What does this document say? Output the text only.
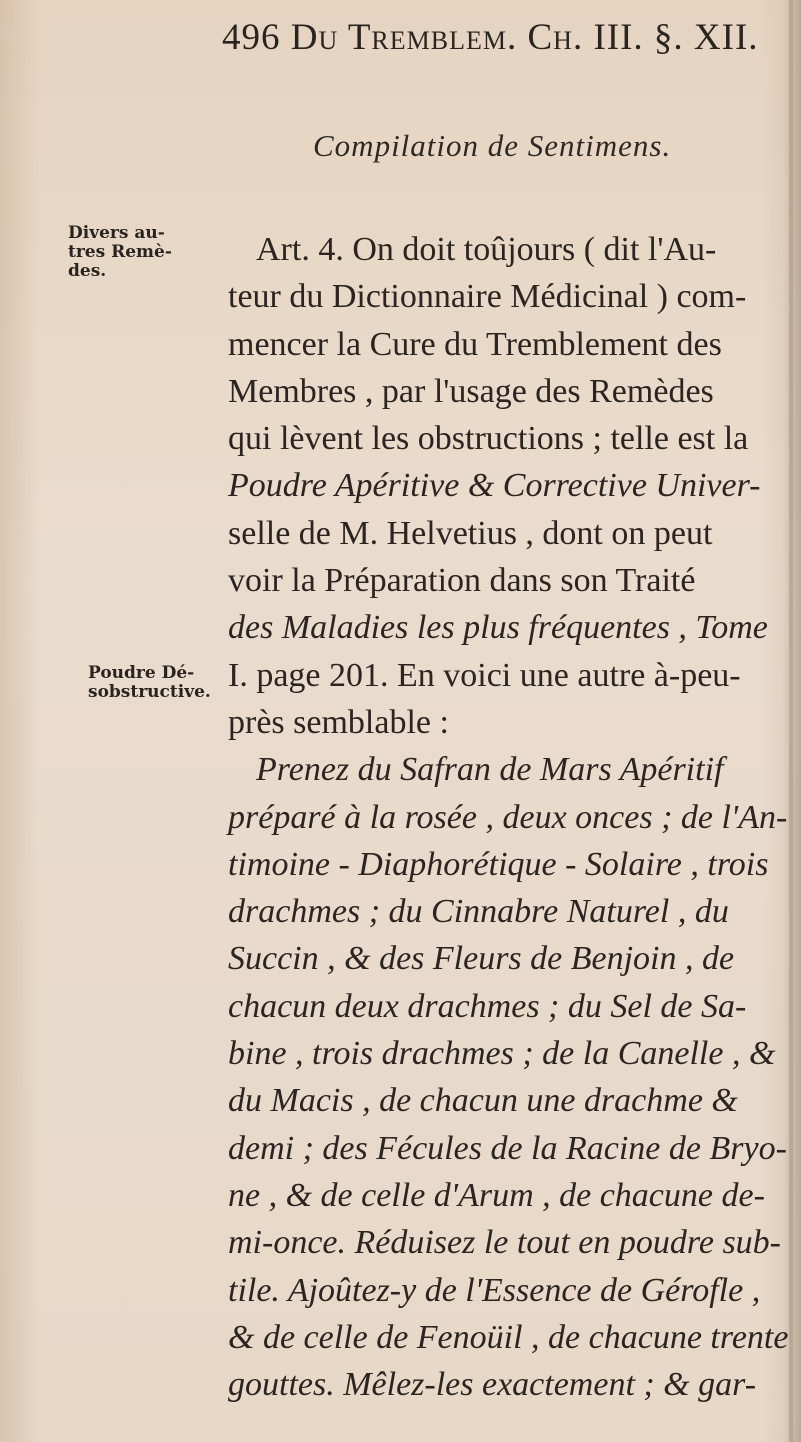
496 Du Tremblem. Ch. III. §. XII.
Compilation de Sentimens.
Divers au-
tres Remè-
des.
Poudre Dé-
sobstructive.
Art. 4. On doit toûjours ( dit l'Au-
teur du Dictionnaire Médicinal ) com-
mencer la Cure du Tremblement des
Membres , par l'usage des Remèdes
qui lèvent les obstructions ; telle est la
Poudre Apéritive & Corrective Univer-
selle de M. Helvetius , dont on peut
voir la Préparation dans son Traité
des Maladies les plus fréquentes , Tome
I. page 201. En voici une autre à-peu-
près semblable :
Prenez du Safran de Mars Apéritif
préparé à la rosée , deux onces ; de l'An-
timoine - Diaphorétique - Solaire , trois
drachmes ; du Cinnabre Naturel , du
Succin , & des Fleurs de Benjoin , de
chacun deux drachmes ; du Sel de Sa-
bine , trois drachmes ; de la Canelle , &
du Macis , de chacun une drachme &
demi ; des Fécules de la Racine de Bryo-
ne , & de celle d'Arum , de chacune de-
mi-once. Réduisez le tout en poudre sub-
tile. Ajoûtez-y de l'Essence de Gérofle ,
& de celle de Fenoüil , de chacune trente
gouttes. Mêlez-les exactement ; & gar-
